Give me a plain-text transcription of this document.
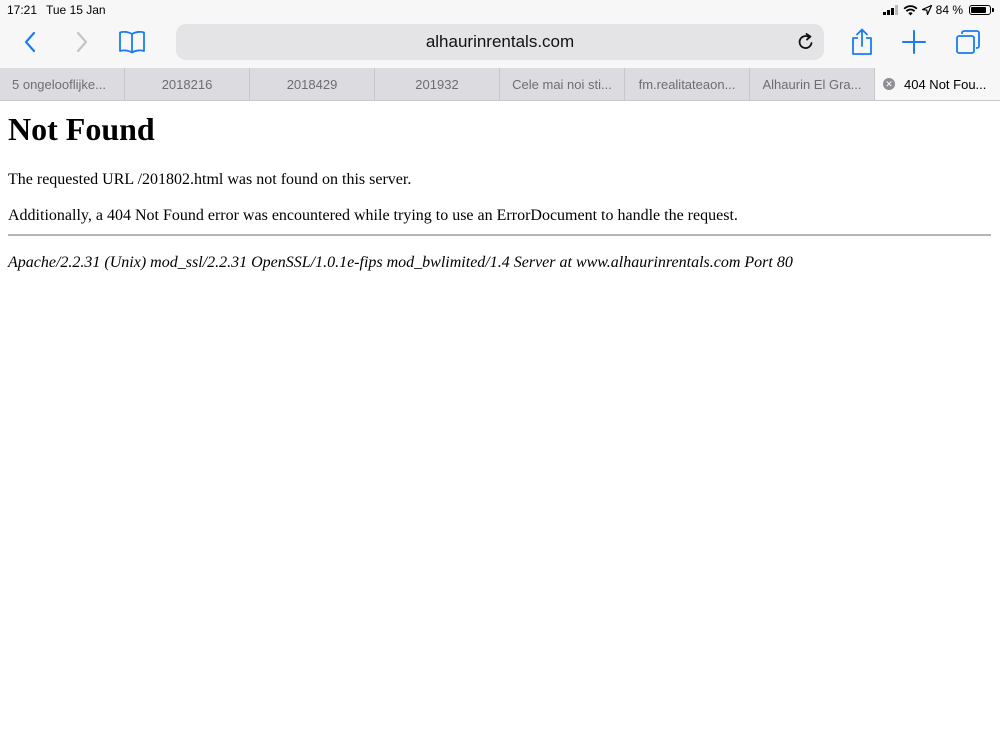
17:21 Tue 15 Jan	84 %
alhaurinrentals.com
5 ongelooflijke...	2018216	2018429	201932	Cele mai noi sti... fm.realitateaon... Alhaurin El Gra...	✕ 404 Not Fou...
Not Found

The requested URL /201802.html was not found on this server.

Additionally, a 404 Not Found error was encountered while trying to use an ErrorDocument to handle the request.

Apache/2.2.31 (Unix) mod_ssl/2.2.31 OpenSSL/1.0.1e-fips mod_bwlimited/1.4 Server at www.alhaurinrentals.com Port 80
